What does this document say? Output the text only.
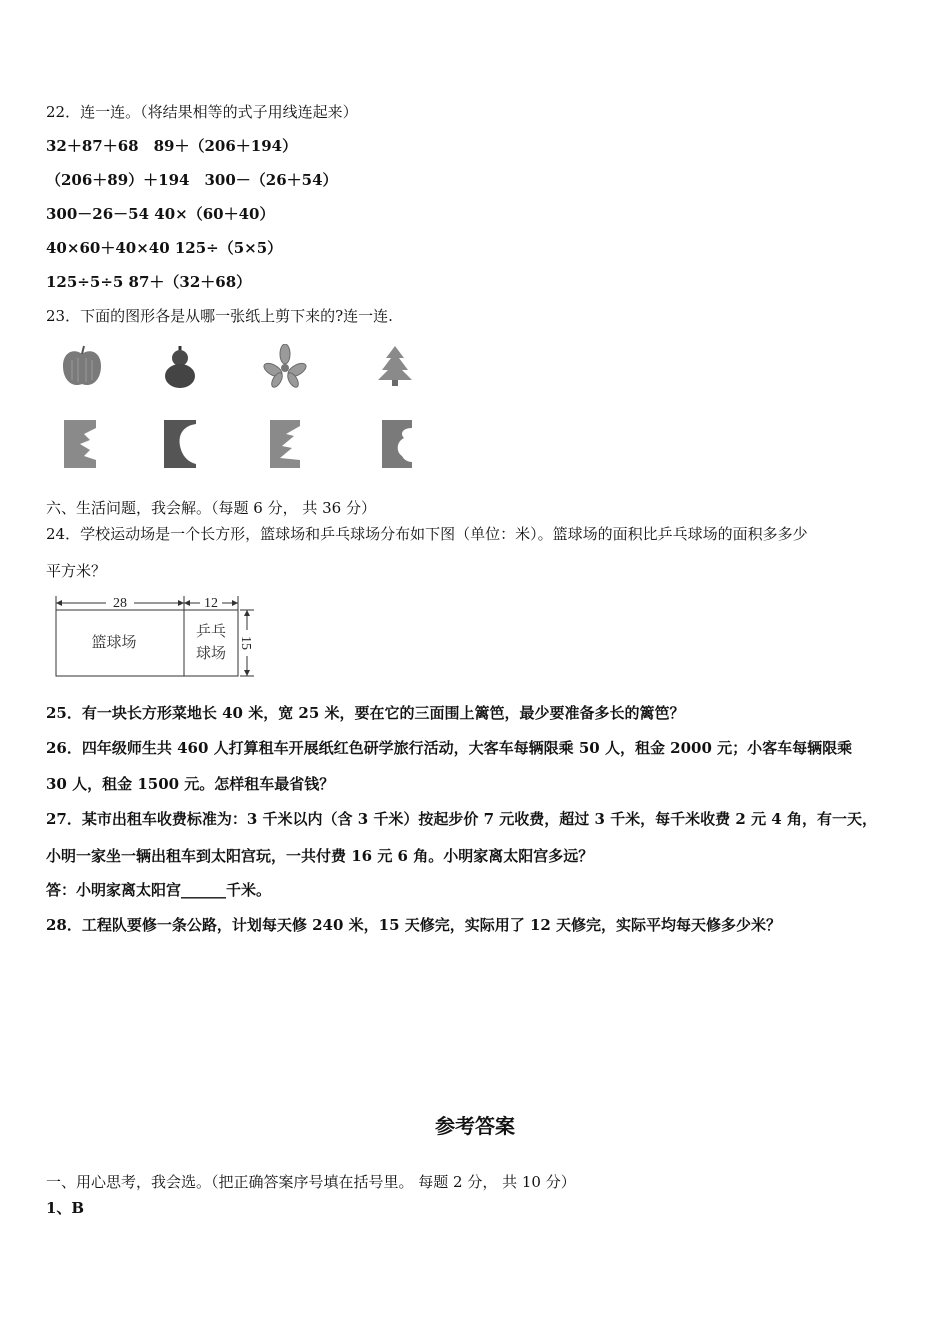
22．连一连。（将结果相等的式子用线连起来）
32＋87＋68　89＋（206＋194）
（206＋89）＋194　300－（26＋54）
300－26－54 40×（60＋40）
40×60＋40×40 125÷（5×5）
125÷5÷5 87＋（32＋68）
23．下面的图形各是从哪一张纸上剪下来的?连一连.
六、生活问题，我会解。（每题 6 分， 共 36 分）
24．学校运动场是一个长方形，篮球场和乒乓球场分布如下图（单位：米）。篮球场的面积比乒乓球场的面积多多少
平方米？
28	12
篮球场
乒乓
球场
15
25．有一块长方形菜地长 40 米，宽 25 米，要在它的三面围上篱笆，最少要准备多长的篱笆？
26．四年级师生共 460 人打算租车开展纸红色研学旅行活动，大客车每辆限乘 50 人，租金 2000 元；小客车每辆限乘
30 人，租金 1500 元。怎样租车最省钱？
27．某市出租车收费标准为：3 千米以内（含 3 千米）按起步价 7 元收费，超过 3 千米，每千米收费 2 元 4 角，有一天，
小明一家坐一辆出租车到太阳宫玩，一共付费 16 元 6 角。小明家离太阳宫多远？
答：小明家离太阳宫______千米。
28．工程队要修一条公路，计划每天修 240 米，15 天修完，实际用了 12 天修完，实际平均每天修多少米？
参考答案
一、用心思考，我会选。（把正确答案序号填在括号里。 每题 2 分， 共 10 分）
1、B
